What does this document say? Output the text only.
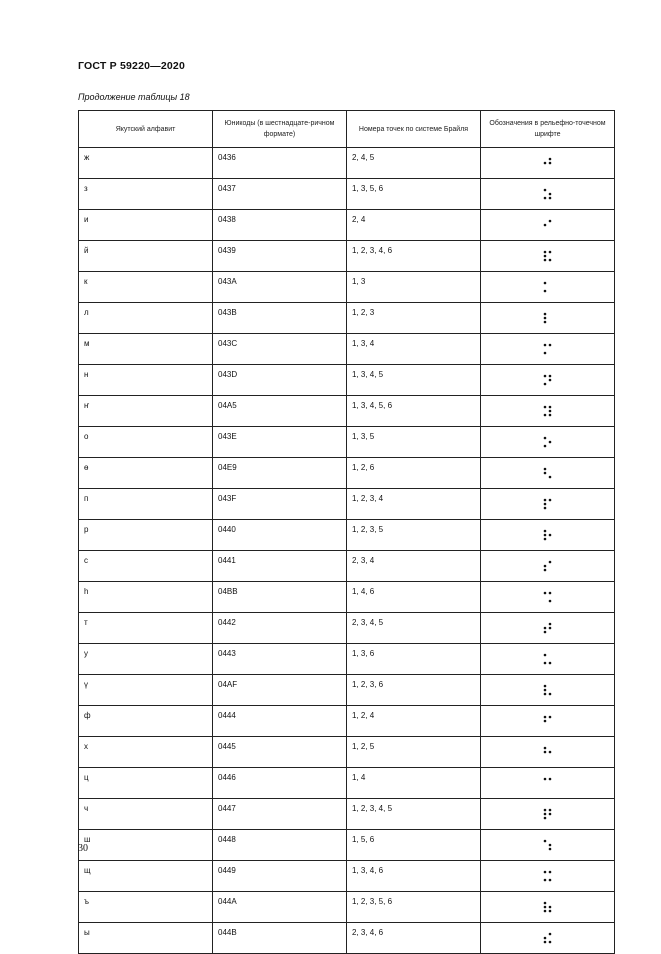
ГОСТ Р 59220—2020
Продолжение таблицы 18
Якутский алфавит	Юникоды (в шестнадцате-ричном формате)	Номера точек по системе Брайля	Обозначения в рельефно-точечном шрифте
ж	0436	2, 4, 5	

з	0437	1, 3, 5, 6	

и	0438	2, 4	

й	0439	1, 2, 3, 4, 6	

к	043A	1, 3	

л	043B	1, 2, 3	

м	043C	1, 3, 4	

н	043D	1, 3, 4, 5	

ҥ	04A5	1, 3, 4, 5, 6	

о	043E	1, 3, 5	

ө	04E9	1, 2, 6	

п	043F	1, 2, 3, 4	

р	0440	1, 2, 3, 5	

с	0441	2, 3, 4	

һ	04BB	1, 4, 6	

т	0442	2, 3, 4, 5	

у	0443	1, 3, 6	

ү	04AF	1, 2, 3, 6	

ф	0444	1, 2, 4	

х	0445	1, 2, 5	

ц	0446	1, 4	

ч	0447	1, 2, 3, 4, 5	

ш	0448	1, 5, 6	

щ	0449	1, 3, 4, 6	

ъ	044A	1, 2, 3, 5, 6	

ы	044B	2, 3, 4, 6	
30
